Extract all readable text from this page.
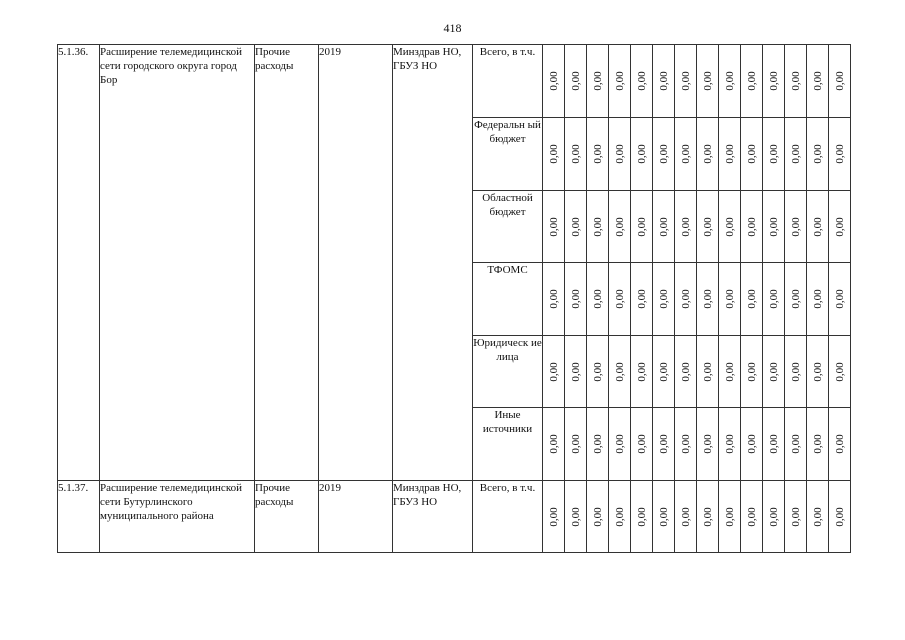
418
5.1.36.	Расширение телемедицинской сети городского округа город Бор	Прочие расходы	2019	Минздрав НО, ГБУЗ НО	Всего, в т.ч.	0,00	0,00	0,00	0,00	0,00	0,00	0,00	0,00	0,00	0,00	0,00	0,00	0,00	0,00

					Федеральн ый бюджет	0,00	0,00	0,00	0,00	0,00	0,00	0,00	0,00	0,00	0,00	0,00	0,00	0,00	0,00

					Областной бюджет	0,00	0,00	0,00	0,00	0,00	0,00	0,00	0,00	0,00	0,00	0,00	0,00	0,00	0,00

					ТФОМС	0,00	0,00	0,00	0,00	0,00	0,00	0,00	0,00	0,00	0,00	0,00	0,00	0,00	0,00

					Юридическ ие лица	0,00	0,00	0,00	0,00	0,00	0,00	0,00	0,00	0,00	0,00	0,00	0,00	0,00	0,00

					Иные источники	0,00	0,00	0,00	0,00	0,00	0,00	0,00	0,00	0,00	0,00	0,00	0,00	0,00	0,00

5.1.37.	Расширение телемедицинской сети Бутурлинского муниципального района	Прочие расходы	2019	Минздрав НО, ГБУЗ НО	Всего, в т.ч.	0,00	0,00	0,00	0,00	0,00	0,00	0,00	0,00	0,00	0,00	0,00	0,00	0,00	0,00
